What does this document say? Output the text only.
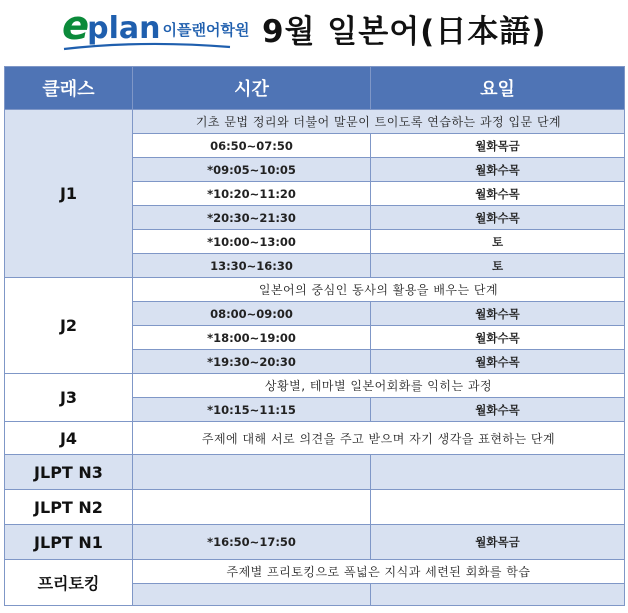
e
plan 이플랜어학원 9월 일본어(日本語)
클래스	시간	요일
J1	기초 문법 정리와 더불어 말문이 트이도록 연습하는 과정 입문 단계	
	06:50~07:50	월화목금
	*09:05~10:05	월화수목
	*10:20~11:20	월화수목
	*20:30~21:30	월화수목
	*10:00~13:00	토
	13:30~16:30	토
J2	일본어의 중심인 동사의 활용을 배우는 단계	
	08:00~09:00	월화수목
	*18:00~19:00	월화수목
	*19:30~20:30	월화수목
J3	상황별, 테마별 일본어회화를 익히는 과정	
	*10:15~11:15	월화수목
J4	주제에 대해 서로 의견을 주고 받으며 자기 생각을 표현하는 단계	
JLPT N3		
JLPT N2		
JLPT N1	*16:50~17:50	월화목금
프리토킹	주제별 프리토킹으로 폭넓은 지식과 세련된 회화를 학습	
